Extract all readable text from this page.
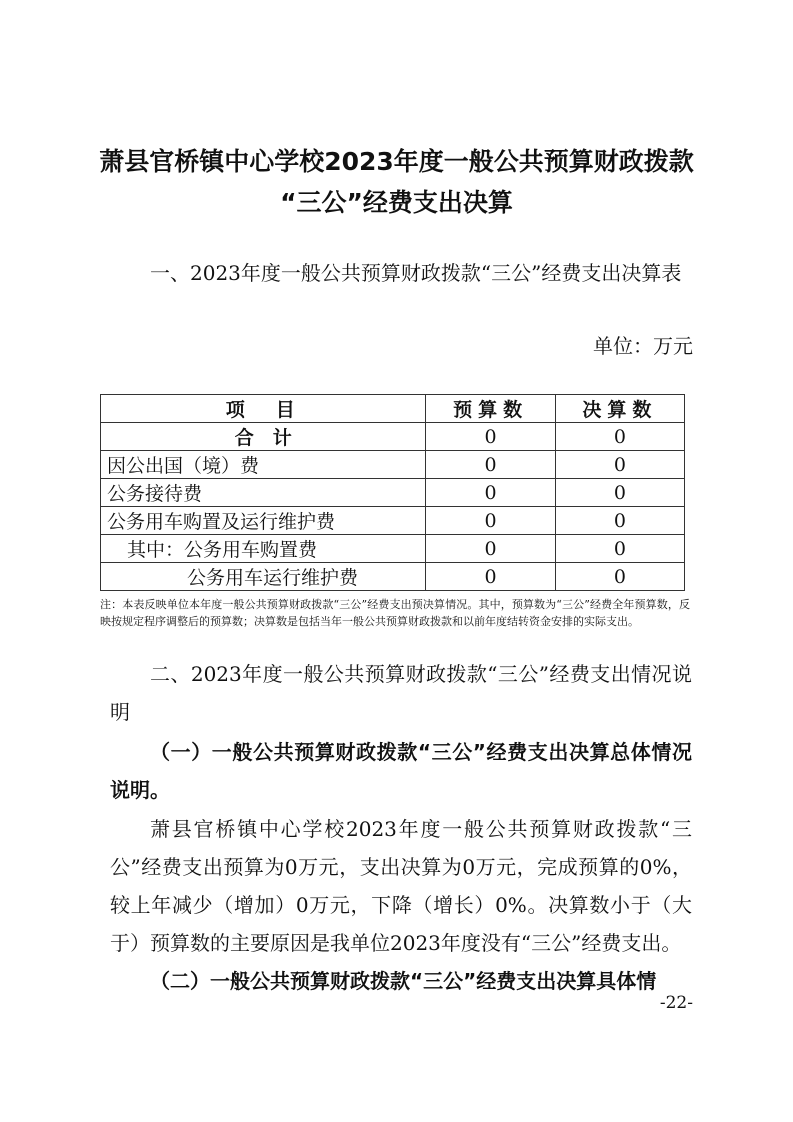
萧县官桥镇中心学校2023年度一般公共预算财政拨款
“三公”经费支出决算

一、2023年度一般公共预算财政拨款“三公”经费支出决算表

单位：万元

项　目	预算数	决算数
合　计	0	0
因公出国（境）费	0	0
公务接待费	0	0
公务用车购置及运行维护费	0	0
其中：公务用车购置费	0	0
公务用车运行维护费	0	0

注：本表反映单位本年度一般公共预算财政拨款“三公”经费支出预决算情况。其中，预算数为“三公”经费全年预算数，反映按规定程序调整后的预算数；决算数是包括当年一般公共预算财政拨款和以前年度结转资金安排的实际支出。

二、2023年度一般公共预算财政拨款“三公”经费支出情况说明

（一）一般公共预算财政拨款“三公”经费支出决算总体情况说明。

萧县官桥镇中心学校2023年度一般公共预算财政拨款“三公”经费支出预算为0万元，支出决算为0万元，完成预算的0%，较上年减少（增加）0万元，下降（增长）0%。决算数小于（大于）预算数的主要原因是我单位2023年度没有“三公”经费支出。

（二）一般公共预算财政拨款“三公”经费支出决算具体情

-22-
